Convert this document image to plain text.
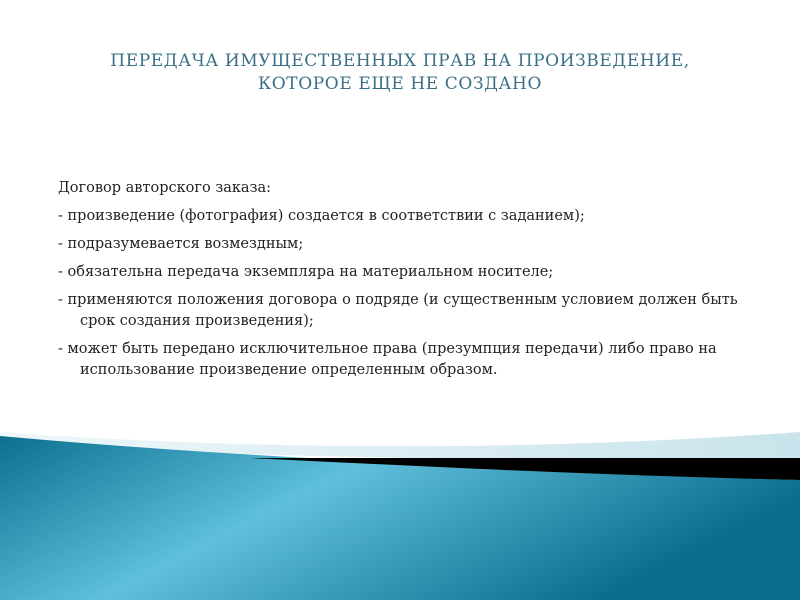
ПЕРЕДАЧА ИМУЩЕСТВЕННЫХ ПРАВ НА ПРОИЗВЕДЕНИЕ,
КОТОРОЕ ЕЩЕ НЕ СОЗДАНО

Договор авторского заказа:

- произведение (фотография) создается в соответствии с заданием);

- подразумевается возмездным;

- обязательна передача экземпляра на материальном носителе;

- применяются положения договора о подряде (и существенным условием должен быть срок создания произведения);

- может быть передано исключительное права (презумпция передачи) либо право на использование произведение определенным образом.
